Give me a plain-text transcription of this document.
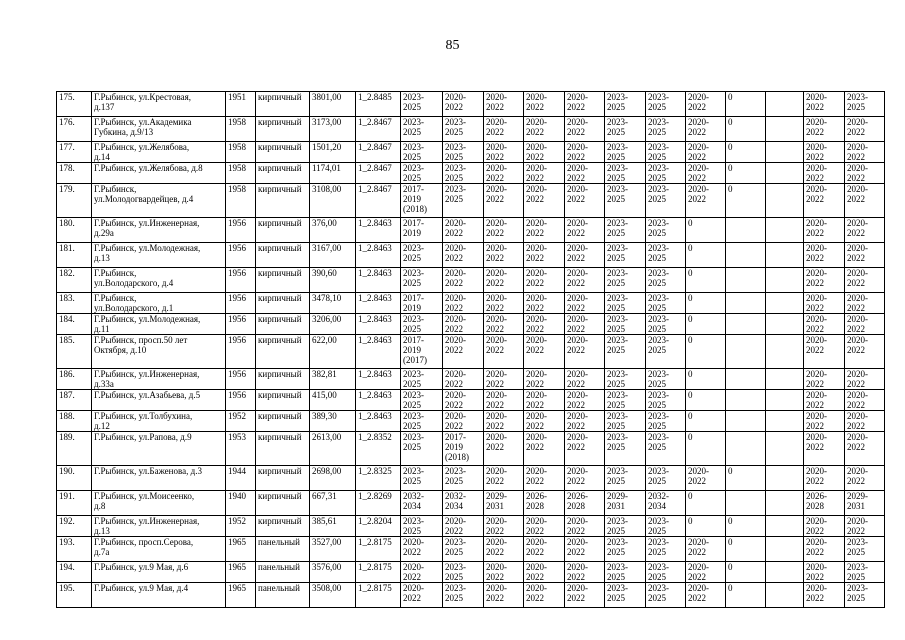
85
175.	Г.Рыбинск, ул.Крестовая,
д.137	1951	кирпичный	3801,00	1_2.8485	2023-
2025	2020-
2022	2020-
2022	2020-
2022	2020-
2022	2023-
2025	2023-
2025	2020-
2022	0		2020-
2022	2023-
2025
176.	Г.Рыбинск, ул.Академика
Губкина, д.9/13	1958	кирпичный	3173,00	1_2.8467	2023-
2025	2023-
2025	2020-
2022	2020-
2022	2020-
2022	2023-
2025	2023-
2025	2020-
2022	0		2020-
2022	2020-
2022
177.	Г.Рыбинск, ул.Желябова,
д.14	1958	кирпичный	1501,20	1_2.8467	2023-
2025	2023-
2025	2020-
2022	2020-
2022	2020-
2022	2023-
2025	2023-
2025	2020-
2022	0		2020-
2022	2020-
2022
178.	Г.Рыбинск, ул.Желябова, д.8	1958	кирпичный	1174,01	1_2.8467	2023-
2025	2023-
2025	2020-
2022	2020-
2022	2020-
2022	2023-
2025	2023-
2025	2020-
2022	0		2020-
2022	2020-
2022
179.	Г.Рыбинск,
ул.Молодогвардейцев, д.4	1958	кирпичный	3108,00	1_2.8467	2017-
2019
(2018)	2023-
2025	2020-
2022	2020-
2022	2020-
2022	2023-
2025	2023-
2025	2020-
2022	0		2020-
2022	2020-
2022
180.	Г.Рыбинск, ул.Инженерная,
д.29а	1956	кирпичный	376,00	1_2.8463	2017-
2019	2020-
2022	2020-
2022	2020-
2022	2020-
2022	2023-
2025	2023-
2025	0			2020-
2022	2020-
2022
181.	Г.Рыбинск, ул.Молодежная,
д.13	1956	кирпичный	3167,00	1_2.8463	2023-
2025	2020-
2022	2020-
2022	2020-
2022	2020-
2022	2023-
2025	2023-
2025	0			2020-
2022	2020-
2022
182.	Г.Рыбинск,
ул.Володарского, д.4	1956	кирпичный	390,60	1_2.8463	2023-
2025	2020-
2022	2020-
2022	2020-
2022	2020-
2022	2023-
2025	2023-
2025	0			2020-
2022	2020-
2022
183.	Г.Рыбинск,
ул.Володарского, д.1	1956	кирпичный	3478,10	1_2.8463	2017-
2019	2020-
2022	2020-
2022	2020-
2022	2020-
2022	2023-
2025	2023-
2025	0			2020-
2022	2020-
2022
184.	Г.Рыбинск, ул.Молодежная,
д.11	1956	кирпичный	3206,00	1_2.8463	2023-
2025	2020-
2022	2020-
2022	2020-
2022	2020-
2022	2023-
2025	2023-
2025	0			2020-
2022	2020-
2022
185.	Г.Рыбинск, просп.50 лет
Октября, д.10	1956	кирпичный	622,00	1_2.8463	2017-
2019
(2017)	2020-
2022	2020-
2022	2020-
2022	2020-
2022	2023-
2025	2023-
2025	0			2020-
2022	2020-
2022
186.	Г.Рыбинск, ул.Инженерная,
д.33а	1956	кирпичный	382,81	1_2.8463	2023-
2025	2020-
2022	2020-
2022	2020-
2022	2020-
2022	2023-
2025	2023-
2025	0			2020-
2022	2020-
2022
187.	Г.Рыбинск, ул.Азабьева, д.5	1956	кирпичный	415,00	1_2.8463	2023-
2025	2020-
2022	2020-
2022	2020-
2022	2020-
2022	2023-
2025	2023-
2025	0			2020-
2022	2020-
2022
188.	Г.Рыбинск, ул.Толбухина,
д.12	1952	кирпичный	389,30	1_2.8463	2023-
2025	2020-
2022	2020-
2022	2020-
2022	2020-
2022	2023-
2025	2023-
2025	0			2020-
2022	2020-
2022
189.	Г.Рыбинск, ул.Рапова, д.9	1953	кирпичный	2613,00	1_2.8352	2023-
2025	2017-
2019
(2018)	2020-
2022	2020-
2022	2020-
2022	2023-
2025	2023-
2025	0			2020-
2022	2020-
2022
190.	Г.Рыбинск, ул.Баженова, д.3	1944	кирпичный	2698,00	1_2.8325	2023-
2025	2023-
2025	2020-
2022	2020-
2022	2020-
2022	2023-
2025	2023-
2025	2020-
2022	0		2020-
2022	2020-
2022
191.	Г.Рыбинск, ул.Моисеенко,
д.8	1940	кирпичный	667,31	1_2.8269	2032-
2034	2032-
2034	2029-
2031	2026-
2028	2026-
2028	2029-
2031	2032-
2034	0			2026-
2028	2029-
2031
192.	Г.Рыбинск, ул.Инженерная,
д.13	1952	кирпичный	385,61	1_2.8204	2023-
2025	2020-
2022	2020-
2022	2020-
2022	2020-
2022	2023-
2025	2023-
2025	0	0		2020-
2022	2020-
2022
193.	Г.Рыбинск, просп.Серова,
д.7а	1965	панельный	3527,00	1_2.8175	2020-
2022	2023-
2025	2020-
2022	2020-
2022	2020-
2022	2023-
2025	2023-
2025	2020-
2022	0		2020-
2022	2023-
2025
194.	Г.Рыбинск, ул.9 Мая, д.6	1965	панельный	3576,00	1_2.8175	2020-
2022	2023-
2025	2020-
2022	2020-
2022	2020-
2022	2023-
2025	2023-
2025	2020-
2022	0		2020-
2022	2023-
2025
195.	Г.Рыбинск, ул.9 Мая, д.4	1965	панельный	3508,00	1_2.8175	2020-
2022	2023-
2025	2020-
2022	2020-
2022	2020-
2022	2023-
2025	2023-
2025	2020-
2022	0		2020-
2022	2023-
2025
